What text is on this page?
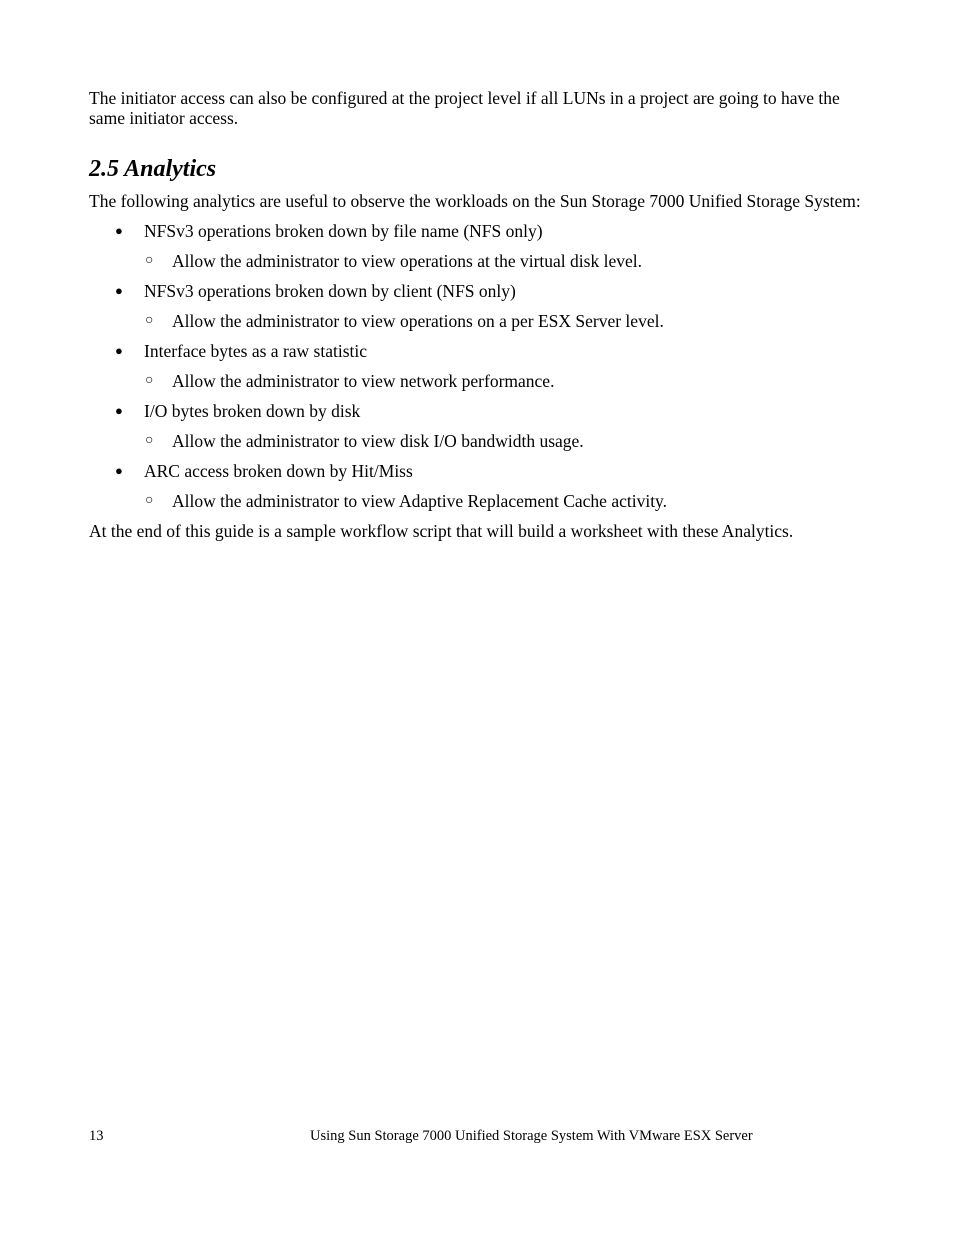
The initiator access can also be configured at the project level if all LUNs in a project are going to have the same initiator access.

2.5 Analytics

The following analytics are useful to observe the workloads on the Sun Storage 7000 Unified Storage System:

● NFSv3 operations broken down by file name (NFS only)
○ Allow the administrator to view operations at the virtual disk level.
● NFSv3 operations broken down by client (NFS only)
○ Allow the administrator to view operations on a per ESX Server level.
● Interface bytes as a raw statistic
○ Allow the administrator to view network performance.
● I/O bytes broken down by disk
○ Allow the administrator to view disk I/O bandwidth usage.
● ARC access broken down by Hit/Miss
○ Allow the administrator to view Adaptive Replacement Cache activity.

At the end of this guide is a sample workflow script that will build a worksheet with these Analytics.

13	Using Sun Storage 7000 Unified Storage System With VMware ESX Server
